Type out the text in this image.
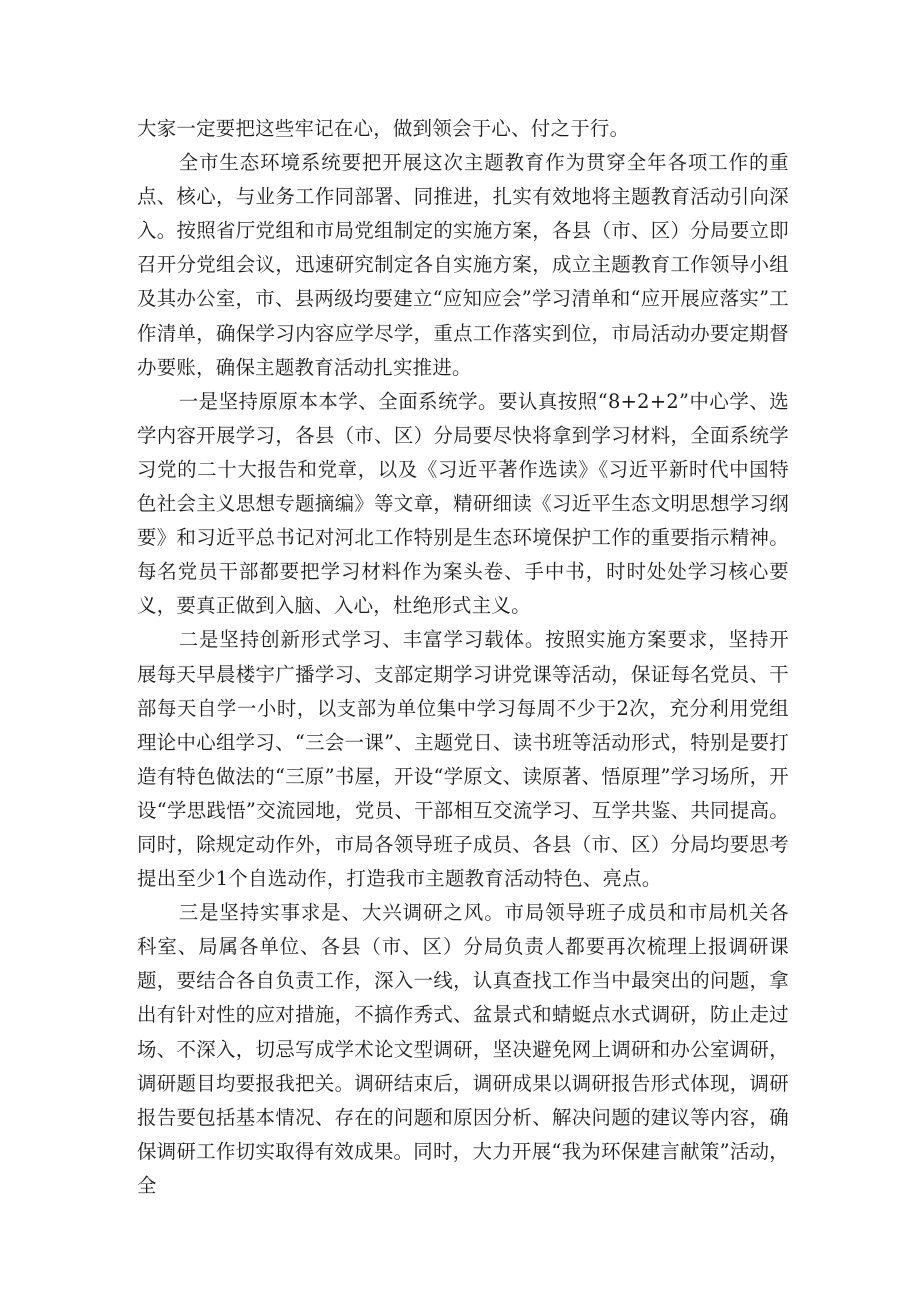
大家一定要把这些牢记在心，做到领会于心、付之于行。

全市生态环境系统要把开展这次主题教育作为贯穿全年各项工作的重点、核心，与业务工作同部署、同推进，扎实有效地将主题教育活动引向深入。按照省厅党组和市局党组制定的实施方案，各县（市、区）分局要立即召开分党组会议，迅速研究制定各自实施方案，成立主题教育工作领导小组及其办公室，市、县两级均要建立“应知应会”学习清单和“应开展应落实”工作清单，确保学习内容应学尽学，重点工作落实到位，市局活动办要定期督办要账，确保主题教育活动扎实推进。

一是坚持原原本本学、全面系统学。要认真按照“8+2+2”中心学、选学内容开展学习，各县（市、区）分局要尽快将拿到学习材料，全面系统学习党的二十大报告和党章，以及《习近平著作选读》《习近平新时代中国特色社会主义思想专题摘编》等文章，精研细读《习近平生态文明思想学习纲要》和习近平总书记对河北工作特别是生态环境保护工作的重要指示精神。每名党员干部都要把学习材料作为案头卷、手中书，时时处处学习核心要义，要真正做到入脑、入心，杜绝形式主义。

二是坚持创新形式学习、丰富学习载体。按照实施方案要求，坚持开展每天早晨楼宇广播学习、支部定期学习讲党课等活动，保证每名党员、干部每天自学一小时，以支部为单位集中学习每周不少于2次，充分利用党组理论中心组学习、“三会一课”、主题党日、读书班等活动形式，特别是要打造有特色做法的“三原”书屋，开设“学原文、读原著、悟原理”学习场所，开设“学思践悟”交流园地，党员、干部相互交流学习、互学共鉴、共同提高。同时，除规定动作外，市局各领导班子成员、各县（市、区）分局均要思考提出至少1个自选动作，打造我市主题教育活动特色、亮点。

三是坚持实事求是、大兴调研之风。市局领导班子成员和市局机关各科室、局属各单位、各县（市、区）分局负责人都要再次梳理上报调研课题，要结合各自负责工作，深入一线，认真查找工作当中最突出的问题，拿出有针对性的应对措施，不搞作秀式、盆景式和蜻蜓点水式调研，防止走过场、不深入，切忌写成学术论文型调研，坚决避免网上调研和办公室调研，调研题目均要报我把关。调研结束后，调研成果以调研报告形式体现，调研报告要包括基本情况、存在的问题和原因分析、解决问题的建议等内容，确保调研工作切实取得有效成果。同时，大力开展“我为环保建言献策”活动，全
